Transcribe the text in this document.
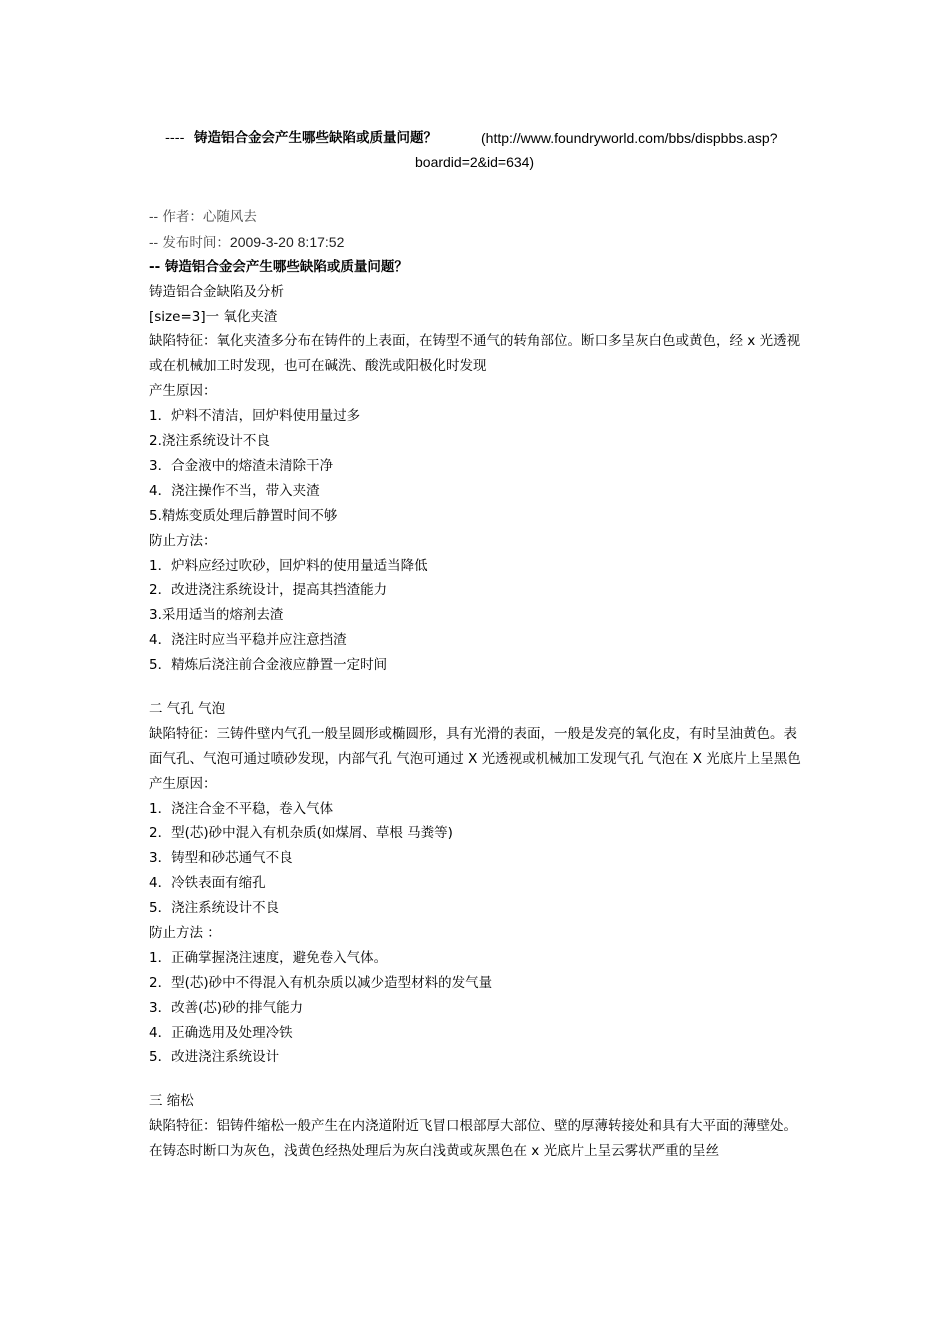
---- 铸造铝合金会产生哪些缺陷或质量问题？	(http://www.foundryworld.com/bbs/dispbbs.asp?
boardid=2&id=634)
-- 作者：心随风去
-- 发布时间：2009-3-20 8:17:52
-- 铸造铝合金会产生哪些缺陷或质量问题？
铸造铝合金缺陷及分析
[size=3]一 氧化夹渣
缺陷特征：氧化夹渣多分布在铸件的上表面，在铸型不通气的转角部位。断口多呈灰白色或黄色，经 x 光透视或在机械加工时发现，也可在碱洗、酸洗或阳极化时发现
产生原因：
1．炉料不清洁，回炉料使用量过多
2.浇注系统设计不良
3．合金液中的熔渣未清除干净
4．浇注操作不当，带入夹渣
5.精炼变质处理后静置时间不够
防止方法：
1．炉料应经过吹砂，回炉料的使用量适当降低
2．改进浇注系统设计，提高其挡渣能力
3.采用适当的熔剂去渣
4．浇注时应当平稳并应注意挡渣
5．精炼后浇注前合金液应静置一定时间
二 气孔 气泡
缺陷特征：三铸件壁内气孔一般呈圆形或椭圆形，具有光滑的表面，一般是发亮的氧化皮，有时呈油黄色。表面气孔、气泡可通过喷砂发现，内部气孔 气泡可通过 X 光透视或机械加工发现气孔 气泡在 X 光底片上呈黑色
产生原因：
1．浇注合金不平稳，卷入气体
2．型(芯)砂中混入有机杂质(如煤屑、草根 马粪等)
3．铸型和砂芯通气不良
4．冷铁表面有缩孔
5．浇注系统设计不良
防止方法 ：
1．正确掌握浇注速度，避免卷入气体。
2．型(芯)砂中不得混入有机杂质以减少造型材料的发气量
3．改善(芯)砂的排气能力
4．正确选用及处理冷铁
5．改进浇注系统设计
三 缩松
缺陷特征：铝铸件缩松一般产生在内浇道附近飞冒口根部厚大部位、壁的厚薄转接处和具有大平面的薄壁处。在铸态时断口为灰色，浅黄色经热处理后为灰白浅黄或灰黑色在 x 光底片上呈云雾状严重的呈丝
